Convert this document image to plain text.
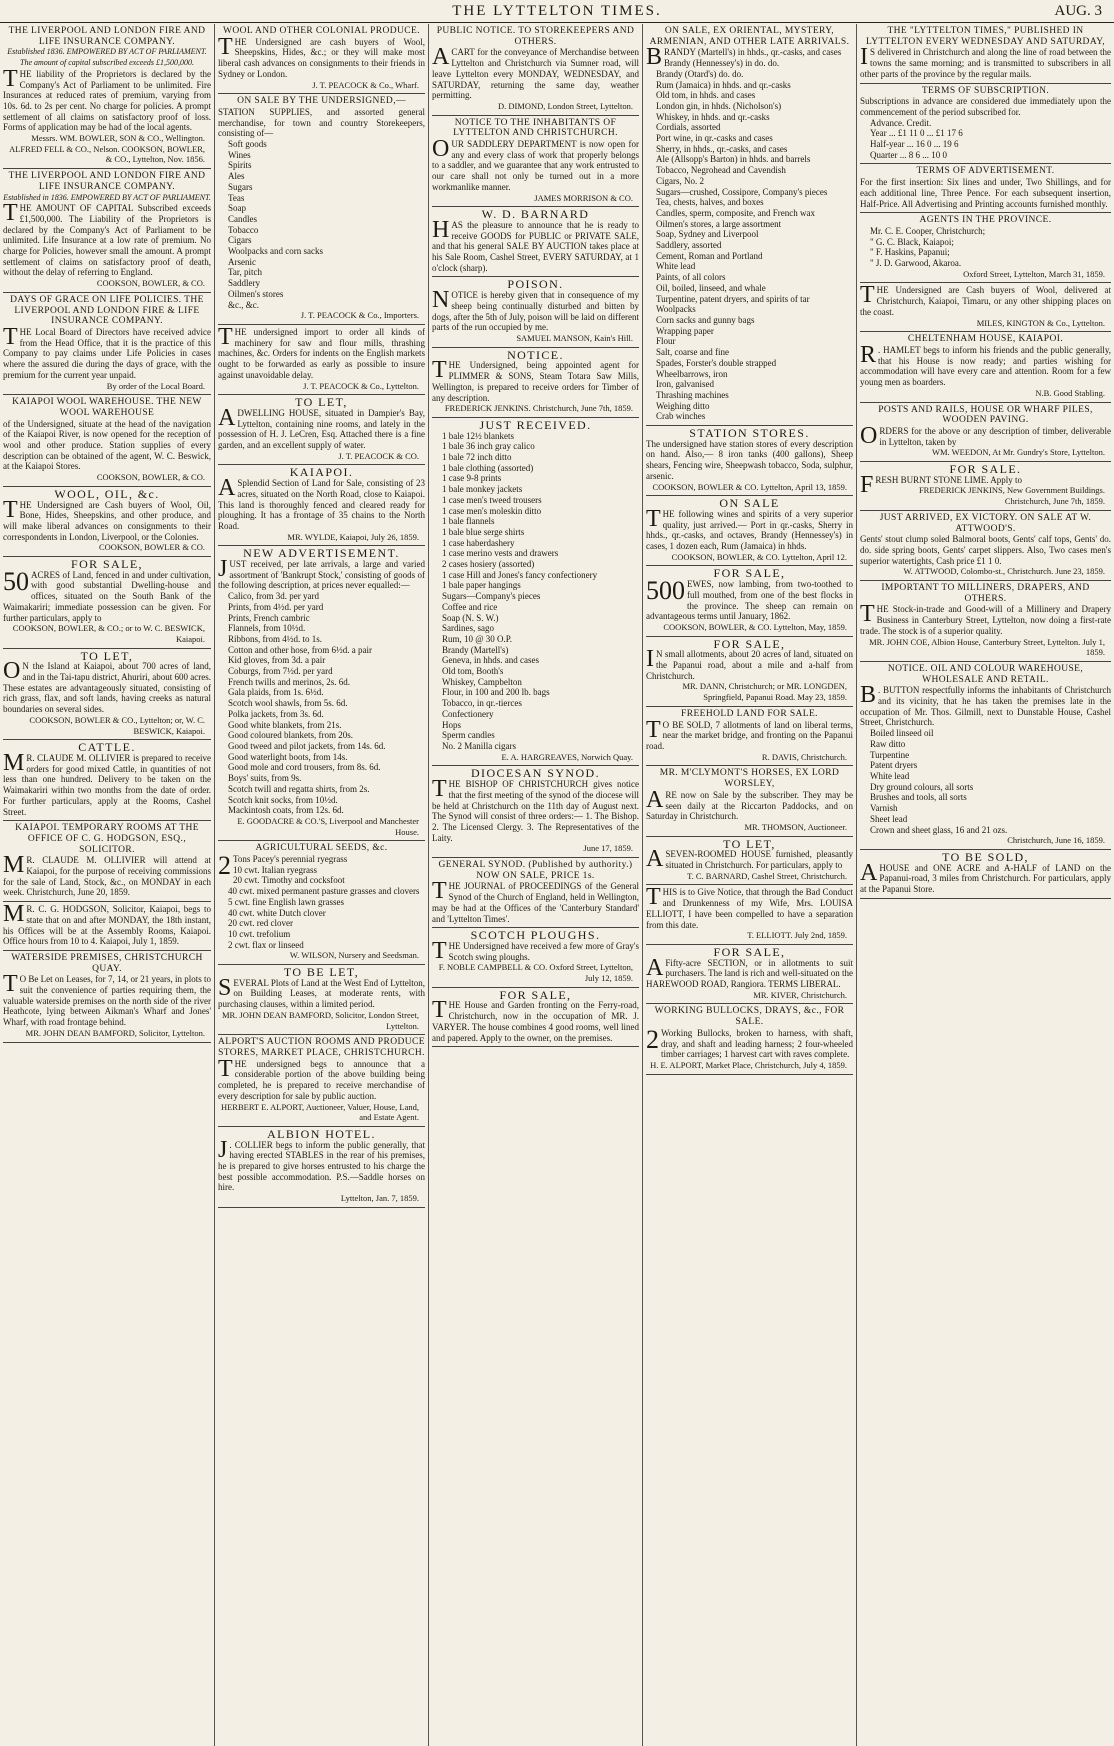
THE LYTTELTON TIMES.	AUG. 3
THE LIVERPOOL AND LONDON FIRE AND LIFE INSURANCE COMPANY.
Established 1836. EMPOWERED BY ACT OF PARLIAMENT. The amount of capital subscribed exceeds £1,500,000.
THE liability of the Proprietors is declared by the Company's Act of Parliament to be unlimited. Fire Insurances at reduced rates of premium, varying from 10s. 6d. to 2s per cent. No charge for policies. A prompt settlement of all claims on satisfactory proof of loss. Forms of application may be had of the local agents.
Messrs. WM. BOWLER, SON & CO., Wellington. ALFRED FELL & CO., Nelson. COOKSON, BOWLER, & CO., Lyttelton, Nov. 1856.
THE LIVERPOOL AND LONDON FIRE AND LIFE INSURANCE COMPANY.
Established in 1836. EMPOWERED BY ACT OF PARLIAMENT.
THE AMOUNT OF CAPITAL Subscribed exceeds £1,500,000. The Liability of the Proprietors is declared by the Company's Act of Parliament to be unlimited. Life Insurance at a low rate of premium. No charge for Policies, however small the amount. A prompt settlement of claims on satisfactory proof of death, without the delay of referring to England.
COOKSON, BOWLER, & CO.
DAYS OF GRACE ON LIFE POLICIES. THE LIVERPOOL AND LONDON FIRE & LIFE INSURANCE COMPANY.
THE Local Board of Directors have received advice from the Head Office, that it is the practice of this Company to pay claims under Life Policies in cases where the assured die during the days of grace, with the premium for the current year unpaid.
By order of the Local Board.
KAIAPOI WOOL WAREHOUSE. THE NEW WOOL WAREHOUSE
of the Undersigned, situate at the head of the navigation of the Kaiapoi River, is now opened for the reception of wool and other produce. Station supplies of every description can be obtained of the agent, W. C. Beswick, at the Kaiapoi Stores.
COOKSON, BOWLER, & CO.
WOOL, OIL, &c.
THE Undersigned are Cash buyers of Wool, Oil, Bone, Hides, Sheepskins, and other produce, and will make liberal advances on consignments to their correspondents in London, Liverpool, or the Colonies.
COOKSON, BOWLER & CO.
FOR SALE,
50 ACRES of Land, fenced in and under cultivation, with good substantial Dwelling-house and offices, situated on the South Bank of the Waimakariri; immediate possession can be given. For further particulars, apply to
COOKSON, BOWLER, & CO.; or to W. C. BESWICK, Kaiapoi.
TO LET,
O N the Island at Kaiapoi, about 700 acres of land, and in the Tai-tapu district, Ahuriri, about 600 acres. These estates are advantageously situated, consisting of rich grass, flax, and soft lands, having creeks as natural boundaries on several sides.
COOKSON, BOWLER & CO., Lyttelton; or, W. C. BESWICK, Kaiapoi.
CATTLE.
M R. CLAUDE M. OLLIVIER is prepared to receive orders for good mixed Cattle, in quantities of not less than one hundred. Delivery to be taken on the Waimakariri within two months from the date of order. For further particulars, apply at the Rooms, Cashel Street.
KAIAPOI. TEMPORARY ROOMS AT THE OFFICE OF C. G. HODGSON, ESQ., SOLICITOR.
M R. CLAUDE M. OLLIVIER will attend at Kaiapoi, for the purpose of receiving commissions for the sale of Land, Stock, &c., on MONDAY in each week. Christchurch, June 20, 1859.
M R. C. G. HODGSON, Solicitor, Kaiapoi, begs to state that on and after MONDAY, the 18th instant, his Offices will be at the Assembly Rooms, Kaiapoi. Office hours from 10 to 4. Kaiapoi, July 1, 1859.
WATERSIDE PREMISES, CHRISTCHURCH QUAY.
T O Be Let on Leases, for 7, 14, or 21 years, in plots to suit the convenience of parties requiring them, the valuable waterside premises on the north side of the river Heathcote, lying between Aikman's Wharf and Jones' Wharf, with road frontage behind.
MR. JOHN DEAN BAMFORD, Solicitor, Lyttelton.
WOOL AND OTHER COLONIAL PRODUCE.
THE Undersigned are cash buyers of Wool, Sheepskins, Hides, &c.; or they will make most liberal cash advances on consignments to their friends in Sydney or London.
J. T. PEACOCK & Co., Wharf.
ON SALE BY THE UNDERSIGNED,—
STATION SUPPLIES, and assorted general merchandise, for town and country Storekeepers, consisting of—
Soft goods
Wines
Spirits
Ales
Sugars
Teas
Soap
Candles
Tobacco
Cigars
Woolpacks and corn sacks
Arsenic
Tar, pitch
Saddlery
Oilmen's stores
&c., &c.
J. T. PEACOCK & Co., Importers.
THE undersigned import to order all kinds of machinery for saw and flour mills, thrashing machines, &c. Orders for indents on the English markets ought to be forwarded as early as possible to insure against unavoidable delay.
J. T. PEACOCK & Co., Lyttelton.
TO LET,
ADWELLING HOUSE, situated in Dampier's Bay, Lyttelton, containing nine rooms, and lately in the possession of H. J. LeCren, Esq. Attached there is a fine garden, and an excellent supply of water.
J. T. PEACOCK & CO.
KAIAPOI.
A Splendid Section of Land for Sale, consisting of 23 acres, situated on the North Road, close to Kaiapoi. This land is thoroughly fenced and cleared ready for ploughing. It has a frontage of 35 chains to the North Road.
MR. WYLDE, Kaiapoi, July 26, 1859.
NEW ADVERTISEMENT.
JUST received, per late arrivals, a large and varied assortment of 'Bankrupt Stock,' consisting of goods of the following description, at prices never equalled:—
Calico, from 3d. per yard
Prints, from 4½d. per yard
Prints, French cambric
Flannels, from 10½d.
Ribbons, from 4½d. to 1s.
Cotton and other hose, from 6½d. a pair
Kid gloves, from 3d. a pair
Coburgs, from 7½d. per yard
French twills and merinos, 2s. 6d.
Gala plaids, from 1s. 6½d.
Scotch wool shawls, from 5s. 6d.
Polka jackets, from 3s. 6d.
Good white blankets, from 21s.
Good coloured blankets, from 20s.
Good tweed and pilot jackets, from 14s. 6d.
Good waterlight boots, from 14s.
Good mole and cord trousers, from 8s. 6d.
Boys' suits, from 9s.
Scotch twill and regatta shirts, from 2s.
Scotch knit socks, from 10½d.
Mackintosh coats, from 12s. 6d.
E. GOODACRE & CO.'S, Liverpool and Manchester House.
AGRICULTURAL SEEDS, &c.
2 Tons Pacey's perennial ryegrass
10 cwt. Italian ryegrass
20 cwt. Timothy and cocksfoot
40 cwt. mixed permanent pasture grasses and clovers
5 cwt. fine English lawn grasses
40 cwt. white Dutch clover
20 cwt. red clover
10 cwt. trefolium
2 cwt. flax or linseed
W. WILSON, Nursery and Seedsman.
TO BE LET,
SEVERAL Plots of Land at the West End of Lyttelton, on Building Leases, at moderate rents, with purchasing clauses, within a limited period.
MR. JOHN DEAN BAMFORD, Solicitor, London Street, Lyttelton.
ALPORT'S AUCTION ROOMS AND PRODUCE STORES, MARKET PLACE, CHRISTCHURCH.
THE undersigned begs to announce that a considerable portion of the above building being completed, he is prepared to receive merchandise of every description for sale by public auction.
HERBERT E. ALPORT, Auctioneer, Valuer, House, Land, and Estate Agent.
ALBION HOTEL.
J . COLLIER begs to inform the public generally, that having erected STABLES in the rear of his premises, he is prepared to give horses entrusted to his charge the best possible accommodation. P.S.—Saddle horses on hire.
Lyttelton, Jan. 7, 1859.
PUBLIC NOTICE. TO STOREKEEPERS AND OTHERS.
ACART for the conveyance of Merchandise between Lyttelton and Christchurch via Sumner road, will leave Lyttelton every MONDAY, WEDNESDAY, and SATURDAY, returning the same day, weather permitting.
D. DIMOND, London Street, Lyttelton.
NOTICE TO THE INHABITANTS OF LYTTELTON AND CHRISTCHURCH.
OUR SADDLERY DEPARTMENT is now open for any and every class of work that properly belongs to a saddler, and we guarantee that any work entrusted to our care shall not only be turned out in a more workmanlike manner.
JAMES MORRISON & CO.
W. D. BARNARD
HAS the pleasure to announce that he is ready to receive GOODS for PUBLIC or PRIVATE SALE, and that his general SALE BY AUCTION takes place at his Sale Room, Cashel Street, EVERY SATURDAY, at 1 o'clock (sharp).
POISON.
NOTICE is hereby given that in consequence of my sheep being continually disturbed and bitten by dogs, after the 5th of July, poison will be laid on different parts of the run occupied by me.
SAMUEL MANSON, Kain's Hill.
NOTICE.
THE Undersigned, being appointed agent for PLIMMER & SONS, Steam Totara Saw Mills, Wellington, is prepared to receive orders for Timber of any description.
FREDERICK JENKINS. Christchurch, June 7th, 1859.
JUST RECEIVED.
1 bale 12½ blankets
1 bale 36 inch gray calico
1 bale 72 inch ditto
1 bale clothing (assorted)
1 case 9-8 prints
1 bale monkey jackets
1 case men's tweed trousers
1 case men's moleskin ditto
1 bale flannels
1 bale blue serge shirts
1 case haberdashery
1 case merino vests and drawers
2 cases hosiery (assorted)
1 case Hill and Jones's fancy confectionery
1 bale paper hangings
Sugars—Company's pieces
Coffee and rice
Soap (N. S. W.)
Sardines, sago
Rum, 10 @ 30 O.P.
Brandy (Martell's)
Geneva, in hhds. and cases
Old tom, Booth's
Whiskey, Campbelton
Flour, in 100 and 200 lb. bags
Tobacco, in qr.-tierces
Confectionery
Hops
Sperm candles
No. 2 Manilla cigars
E. A. HARGREAVES, Norwich Quay.
DIOCESAN SYNOD.
THE BISHOP OF CHRISTCHURCH gives notice that the first meeting of the synod of the diocese will be held at Christchurch on the 11th day of August next. The Synod will consist of three orders:— 1. The Bishop. 2. The Licensed Clergy. 3. The Representatives of the Laity.
June 17, 1859.
GENERAL SYNOD. (Published by authority.) NOW ON SALE, PRICE 1s.
THE JOURNAL of PROCEEDINGS of the General Synod of the Church of England, held in Wellington, may be had at the Offices of the 'Canterbury Standard' and 'Lyttelton Times'.
SCOTCH PLOUGHS.
THE Undersigned have received a few more of Gray's Scotch swing ploughs.
F. NOBLE CAMPBELL & CO. Oxford Street, Lyttelton, July 12, 1859.
FOR SALE,
THE House and Garden fronting on the Ferry-road, Christchurch, now in the occupation of MR. J. VARYER. The house combines 4 good rooms, well lined and papered. Apply to the owner, on the premises.
ON SALE, EX ORIENTAL, MYSTERY, ARMENIAN, AND OTHER LATE ARRIVALS.
BRANDY (Martell's) in hhds., qr.-casks, and cases
Brandy (Hennessey's) in do. do.
Brandy (Otard's) do. do.
Rum (Jamaica) in hhds. and qr.-casks
Old tom, in hhds. and cases
London gin, in hhds. (Nicholson's)
Whiskey, in hhds. and qr.-casks
Cordials, assorted
Port wine, in qr.-casks and cases
Sherry, in hhds., qr.-casks, and cases
Ale (Allsopp's Barton) in hhds. and barrels
Tobacco, Negrohead and Cavendish
Cigars, No. 2
Sugars—crushed, Cossipore, Company's pieces
Tea, chests, halves, and boxes
Candles, sperm, composite, and French wax
Oilmen's stores, a large assortment
Soap, Sydney and Liverpool
Saddlery, assorted
Cement, Roman and Portland
White lead
Paints, of all colors
Oil, boiled, linseed, and whale
Turpentine, patent dryers, and spirits of tar
Woolpacks
Corn sacks and gunny bags
Wrapping paper
Flour
Salt, coarse and fine
Spades, Forster's double strapped
Wheelbarrows, iron
Iron, galvanised
Thrashing machines
Weighing ditto
Crab winches
STATION STORES.
The undersigned have station stores of every description on hand. Also,— 8 iron tanks (400 gallons), Sheep shears, Fencing wire, Sheepwash tobacco, Soda, sulphur, arsenic.
COOKSON, BOWLER & CO. Lyttelton, April 13, 1859.
ON SALE
THE following wines and spirits of a very superior quality, just arrived.— Port in qr.-casks, Sherry in hhds., qr.-casks, and octaves, Brandy (Hennessey's) in cases, 1 dozen each, Rum (Jamaica) in hhds.
COOKSON, BOWLER, & CO. Lyttelton, April 12.
FOR SALE,
500 EWES, now lambing, from two-toothed to full mouthed, from one of the best flocks in the province. The sheep can remain on advantageous terms until January, 1862.
COOKSON, BOWLER, & CO. Lyttelton, May, 1859.
FOR SALE,
I N small allotments, about 20 acres of land, situated on the Papanui road, about a mile and a-half from Christchurch.
MR. DANN, Christchurch; or MR. LONGDEN, Springfield, Papanui Road. May 23, 1859.
FREEHOLD LAND FOR SALE.
T O BE SOLD, 7 allotments of land on liberal terms, near the market bridge, and fronting on the Papanui road.
R. DAVIS, Christchurch.
MR. M'CLYMONT'S HORSES, EX LORD WORSLEY,
ARE now on Sale by the subscriber. They may be seen daily at the Riccarton Paddocks, and on Saturday in Christchurch.
MR. THOMSON, Auctioneer.
TO LET,
ASEVEN-ROOMED HOUSE furnished, pleasantly situated in Christchurch. For particulars, apply to
T. C. BARNARD, Cashel Street, Christchurch.
THIS is to Give Notice, that through the Bad Conduct and Drunkenness of my Wife, Mrs. LOUISA ELLIOTT, I have been compelled to have a separation from this date.
T. ELLIOTT. July 2nd, 1859.
FOR SALE,
A Fifty-acre SECTION, or in allotments to suit purchasers. The land is rich and well-situated on the HAREWOOD ROAD, Rangiora. TERMS LIBERAL.
MR. KIVER, Christchurch.
WORKING BULLOCKS, DRAYS, &c., FOR SALE.
2 Working Bullocks, broken to harness, with shaft, dray, and shaft and leading harness; 2 four-wheeled timber carriages; 1 harvest cart with raves complete.
H. E. ALPORT, Market Place, Christchurch, July 4, 1859.
THE "LYTTELTON TIMES," PUBLISHED IN LYTTELTON EVERY WEDNESDAY AND SATURDAY,
I S delivered in Christchurch and along the line of road between the towns the same morning; and is transmitted to subscribers in all other parts of the province by the regular mails.
TERMS OF SUBSCRIPTION.
Subscriptions in advance are considered due immediately upon the commencement of the period subscribed for.
Advance. Credit.
Year ... £1 11 0 ... £1 17 6
Half-year ... 16 0 ... 19 6
Quarter ... 8 6 ... 10 0
TERMS OF ADVERTISEMENT.
For the first insertion: Six lines and under, Two Shillings, and for each additional line, Three Pence. For each subsequent insertion, Half-Price. All Advertising and Printing accounts furnished monthly.
AGENTS IN THE PROVINCE.
Mr. C. E. Cooper, Christchurch;
" G. C. Black, Kaiapoi;
" F. Haskins, Papanui;
" J. D. Garwood, Akaroa.
Oxford Street, Lyttelton, March 31, 1859.
THE Undersigned are Cash buyers of Wool, delivered at Christchurch, Kaiapoi, Timaru, or any other shipping places on the coast.
MILES, KINGTON & Co., Lyttelton.
CHELTENHAM HOUSE, KAIAPOI.
R . HAMLET begs to inform his friends and the public generally, that his House is now ready; and parties wishing for accommodation will have every care and attention. Room for a few young men as boarders.
N.B. Good Stabling.
POSTS AND RAILS, HOUSE OR WHARF PILES, WOODEN PAVING.
ORDERS for the above or any description of timber, deliverable in Lyttelton, taken by
WM. WEEDON, At Mr. Gundry's Store, Lyttelton.
FOR SALE.
FRESH BURNT STONE LIME. Apply to
FREDERICK JENKINS, New Government Buildings. Christchurch, June 7th, 1859.
JUST ARRIVED, EX VICTORY. ON SALE AT W. ATTWOOD'S.
Gents' stout clump soled Balmoral boots, Gents' calf tops, Gents' do. do. side spring boots, Gents' carpet slippers. Also, Two cases men's superior watertights, Cash price £1 1 0.
W. ATTWOOD, Colombo-st., Christchurch. June 23, 1859.
IMPORTANT TO MILLINERS, DRAPERS, AND OTHERS.
THE Stock-in-trade and Good-will of a Millinery and Drapery Business in Canterbury Street, Lyttelton, now doing a first-rate trade. The stock is of a superior quality.
MR. JOHN COE, Albion House, Canterbury Street, Lyttelton. July 1, 1859.
NOTICE. OIL AND COLOUR WAREHOUSE, WHOLESALE AND RETAIL.
B . BUTTON respectfully informs the inhabitants of Christchurch and its vicinity, that he has taken the premises late in the occupation of Mr. Thos. Gilmill, next to Dunstable House, Cashel Street, Christchurch.
Boiled linseed oil
Raw ditto
Turpentine
Patent dryers
White lead
Dry ground colours, all sorts
Brushes and tools, all sorts
Varnish
Sheet lead
Crown and sheet glass, 16 and 21 ozs.
Christchurch, June 16, 1859.
TO BE SOLD,
AHOUSE and ONE ACRE and A-HALF of LAND on the Papanui-road, 3 miles from Christchurch. For particulars, apply at the Papanui Store.
